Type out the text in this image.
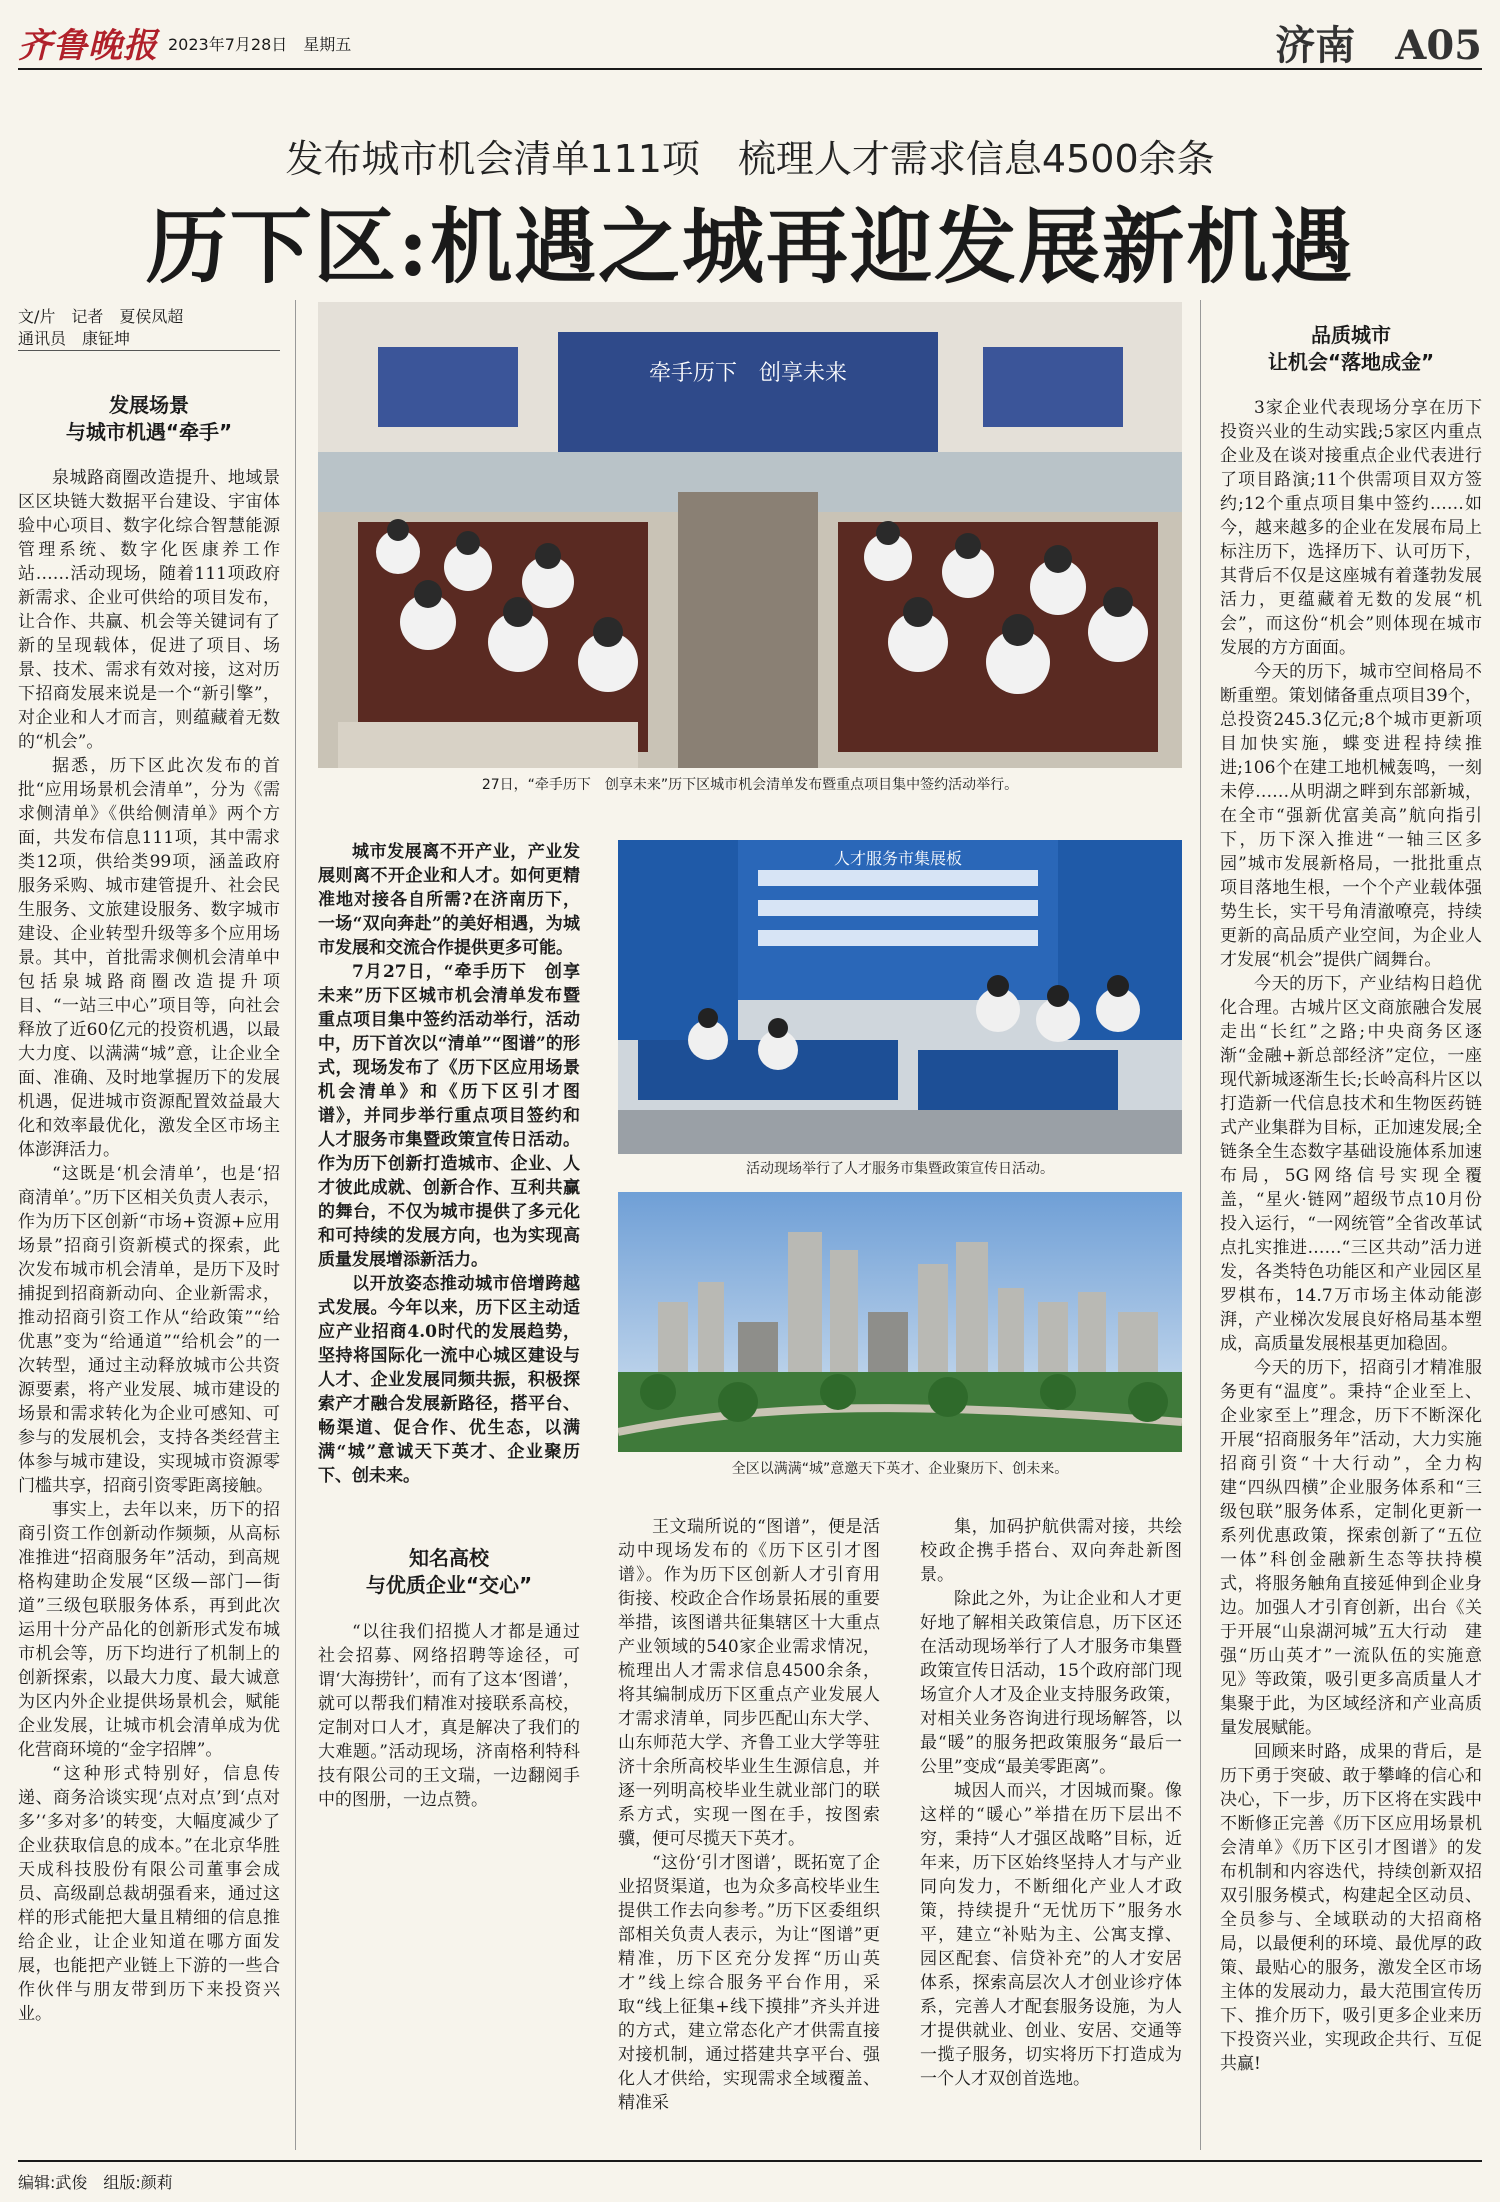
齐鲁晚报 2023年7月28日　星期五	济南　A05
发布城市机会清单111项　梳理人才需求信息4500余条
历下区:机遇之城再迎发展新机遇
文/片　记者　夏侯凤超
通讯员　康钲坤
发展场景
与城市机遇“牵手”

泉城路商圈改造提升、地域景区区块链大数据平台建设、宇宙体验中心项目、数字化综合智慧能源管理系统、数字化医康养工作站……活动现场，随着111项政府新需求、企业可供给的项目发布，让合作、共赢、机会等关键词有了新的呈现载体，促进了项目、场景、技术、需求有效对接，这对历下招商发展来说是一个“新引擎”，对企业和人才而言，则蕴藏着无数的“机会”。

据悉，历下区此次发布的首批“应用场景机会清单”，分为《需求侧清单》《供给侧清单》两个方面，共发布信息111项，其中需求类12项，供给类99项，涵盖政府服务采购、城市建管提升、社会民生服务、文旅建设服务、数字城市建设、企业转型升级等多个应用场景。其中，首批需求侧机会清单中包括泉城路商圈改造提升项目、“一站三中心”项目等，向社会释放了近60亿元的投资机遇，以最大力度、以满满“城”意，让企业全面、准确、及时地掌握历下的发展机遇，促进城市资源配置效益最大化和效率最优化，激发全区市场主体澎湃活力。

“这既是‘机会清单’，也是‘招商清单’。”历下区相关负责人表示，作为历下区创新“市场+资源+应用场景”招商引资新模式的探索，此次发布城市机会清单，是历下及时捕捉到招商新动向、企业新需求，推动招商引资工作从“给政策”“给优惠”变为“给通道”“给机会”的一次转型，通过主动释放城市公共资源要素，将产业发展、城市建设的场景和需求转化为企业可感知、可参与的发展机会，支持各类经营主体参与城市建设，实现城市资源零门槛共享，招商引资零距离接触。

事实上，去年以来，历下的招商引资工作创新动作频频，从高标准推进“招商服务年”活动，到高规格构建助企发展“区级—部门—街道”三级包联服务体系，再到此次运用十分产品化的创新形式发布城市机会等，历下均进行了机制上的创新探索，以最大力度、最大诚意为区内外企业提供场景机会，赋能企业发展，让城市机会清单成为优化营商环境的“金字招牌”。

“这种形式特别好，信息传递、商务洽谈实现‘点对点’到‘点对多’‘多对多’的转变，大幅度减少了企业获取信息的成本。”在北京华胜天成科技股份有限公司董事会成员、高级副总裁胡强看来，通过这样的形式能把大量且精细的信息推给企业，让企业知道在哪方面发展，也能把产业链上下游的一些合作伙伴与朋友带到历下来投资兴业。

牵手历下　创享未来
27日，“牵手历下　创享未来”历下区城市机会清单发布暨重点项目集中签约活动举行。

城市发展离不开产业，产业发展则离不开企业和人才。如何更精准地对接各自所需?在济南历下，一场“双向奔赴”的美好相遇，为城市发展和交流合作提供更多可能。

7月27日，“牵手历下　创享未来”历下区城市机会清单发布暨重点项目集中签约活动举行，活动中，历下首次以“清单”“图谱”的形式，现场发布了《历下区应用场景机会清单》和《历下区引才图谱》，并同步举行重点项目签约和人才服务市集暨政策宣传日活动。作为历下创新打造城市、企业、人才彼此成就、创新合作、互利共赢的舞台，不仅为城市提供了多元化和可持续的发展方向，也为实现高质量发展增添新活力。

以开放姿态推动城市倍增跨越式发展。今年以来，历下区主动适应产业招商4.0时代的发展趋势，坚持将国际化一流中心城区建设与人才、企业发展同频共振，积极探索产才融合发展新路径，搭平台、畅渠道、促合作、优生态，以满满“城”意诚天下英才、企业聚历下、创未来。

知名高校
与优质企业“交心”
“以往我们招揽人才都是通过社会招募、网络招聘等途径，可谓‘大海捞针’，而有了这本‘图谱’，就可以帮我们精准对接联系高校，定制对口人才，真是解决了我们的大难题。”活动现场，济南格利特科技有限公司的王文瑞，一边翻阅手中的图册，一边点赞。
人才服务市集展板
活动现场举行了人才服务市集暨政策宣传日活动。
全区以满满“城”意邀天下英才、企业聚历下、创未来。

王文瑞所说的“图谱”，便是活动中现场发布的《历下区引才图谱》。作为历下区创新人才引育用街接、校政企合作场景拓展的重要举措，该图谱共征集辖区十大重点产业领域的540家企业需求情况，梳理出人才需求信息4500余条，将其编制成历下区重点产业发展人才需求清单，同步匹配山东大学、山东师范大学、齐鲁工业大学等驻济十余所高校毕业生生源信息，并逐一列明高校毕业生就业部门的联系方式，实现一图在手，按图索骥，便可尽揽天下英才。

“这份‘引才图谱’，既拓宽了企业招贤渠道，也为众多高校毕业生提供工作去向参考。”历下区委组织部相关负责人表示，为让“图谱”更精准，历下区充分发挥“历山英才”线上综合服务平台作用，采取“线上征集+线下摸排”齐头并进的方式，建立常态化产才供需直接对接机制，通过搭建共享平台、强化人才供给，实现需求全域覆盖、精准采

集，加码护航供需对接，共绘校政企携手搭台、双向奔赴新图景。

除此之外，为让企业和人才更好地了解相关政策信息，历下区还在活动现场举行了人才服务市集暨政策宣传日活动，15个政府部门现场宣介人才及企业支持服务政策，对相关业务咨询进行现场解答，以最“暖”的服务把政策服务“最后一公里”变成“最美零距离”。

城因人而兴，才因城而聚。像这样的“暖心”举措在历下层出不穷，秉持“人才强区战略”目标，近年来，历下区始终坚持人才与产业同向发力，不断细化产业人才政策，持续提升“无忧历下”服务水平，建立“补贴为主、公寓支撑、园区配套、信贷补充”的人才安居体系，探索高层次人才创业诊疗体系，完善人才配套服务设施，为人才提供就业、创业、安居、交通等一揽子服务，切实将历下打造成为一个人才双创首选地。

品质城市
让机会“落地成金”

3家企业代表现场分享在历下投资兴业的生动实践;5家区内重点企业及在谈对接重点企业代表进行了项目路演;11个供需项目双方签约;12个重点项目集中签约……如今，越来越多的企业在发展布局上标注历下，选择历下、认可历下，其背后不仅是这座城有着蓬勃发展活力，更蕴藏着无数的发展“机会”，而这份“机会”则体现在城市发展的方方面面。

今天的历下，城市空间格局不断重塑。策划储备重点项目39个，总投资245.3亿元;8个城市更新项目加快实施，蝶变进程持续推进;106个在建工地机械轰鸣，一刻未停……从明湖之畔到东部新城，在全市“强新优富美高”航向指引下，历下深入推进“一轴三区多园”城市发展新格局，一批批重点项目落地生根，一个个产业载体强势生长，实干号角清澈嘹亮，持续更新的高品质产业空间，为企业人才发展“机会”提供广阔舞台。

今天的历下，产业结构日趋优化合理。古城片区文商旅融合发展走出“长红”之路;中央商务区逐渐“金融+新总部经济”定位，一座现代新城逐渐生长;长岭高科片区以打造新一代信息技术和生物医药链式产业集群为目标，正加速发展;全链条全生态数字基础设施体系加速布局，5G网络信号实现全覆盖，“星火·链网”超级节点10月份投入运行，“一网统管”全省改革试点扎实推进……“三区共动”活力迸发，各类特色功能区和产业园区星罗棋布，14.7万市场主体动能澎湃，产业梯次发展良好格局基本塑成，高质量发展根基更加稳固。

今天的历下，招商引才精准服务更有“温度”。秉持“企业至上、企业家至上”理念，历下不断深化开展“招商服务年”活动，大力实施招商引资“十大行动”，全力构建“四纵四横”企业服务体系和“三级包联”服务体系，定制化更新一系列优惠政策，探索创新了“五位一体”科创金融新生态等扶持模式，将服务触角直接延伸到企业身边。加强人才引育创新，出台《关于开展“山泉湖河城”五大行动　建强“历山英才”一流队伍的实施意见》等政策，吸引更多高质量人才集聚于此，为区域经济和产业高质量发展赋能。

回顾来时路，成果的背后，是历下勇于突破、敢于攀峰的信心和决心，下一步，历下区将在实践中不断修正完善《历下区应用场景机会清单》《历下区引才图谱》的发布机制和内容迭代，持续创新双招双引服务模式，构建起全区动员、全员参与、全域联动的大招商格局，以最便利的环境、最优厚的政策、最贴心的服务，激发全区市场主体的发展动力，最大范围宣传历下、推介历下，吸引更多企业来历下投资兴业，实现政企共行、互促共赢!

编辑:武俊　组版:颜莉
